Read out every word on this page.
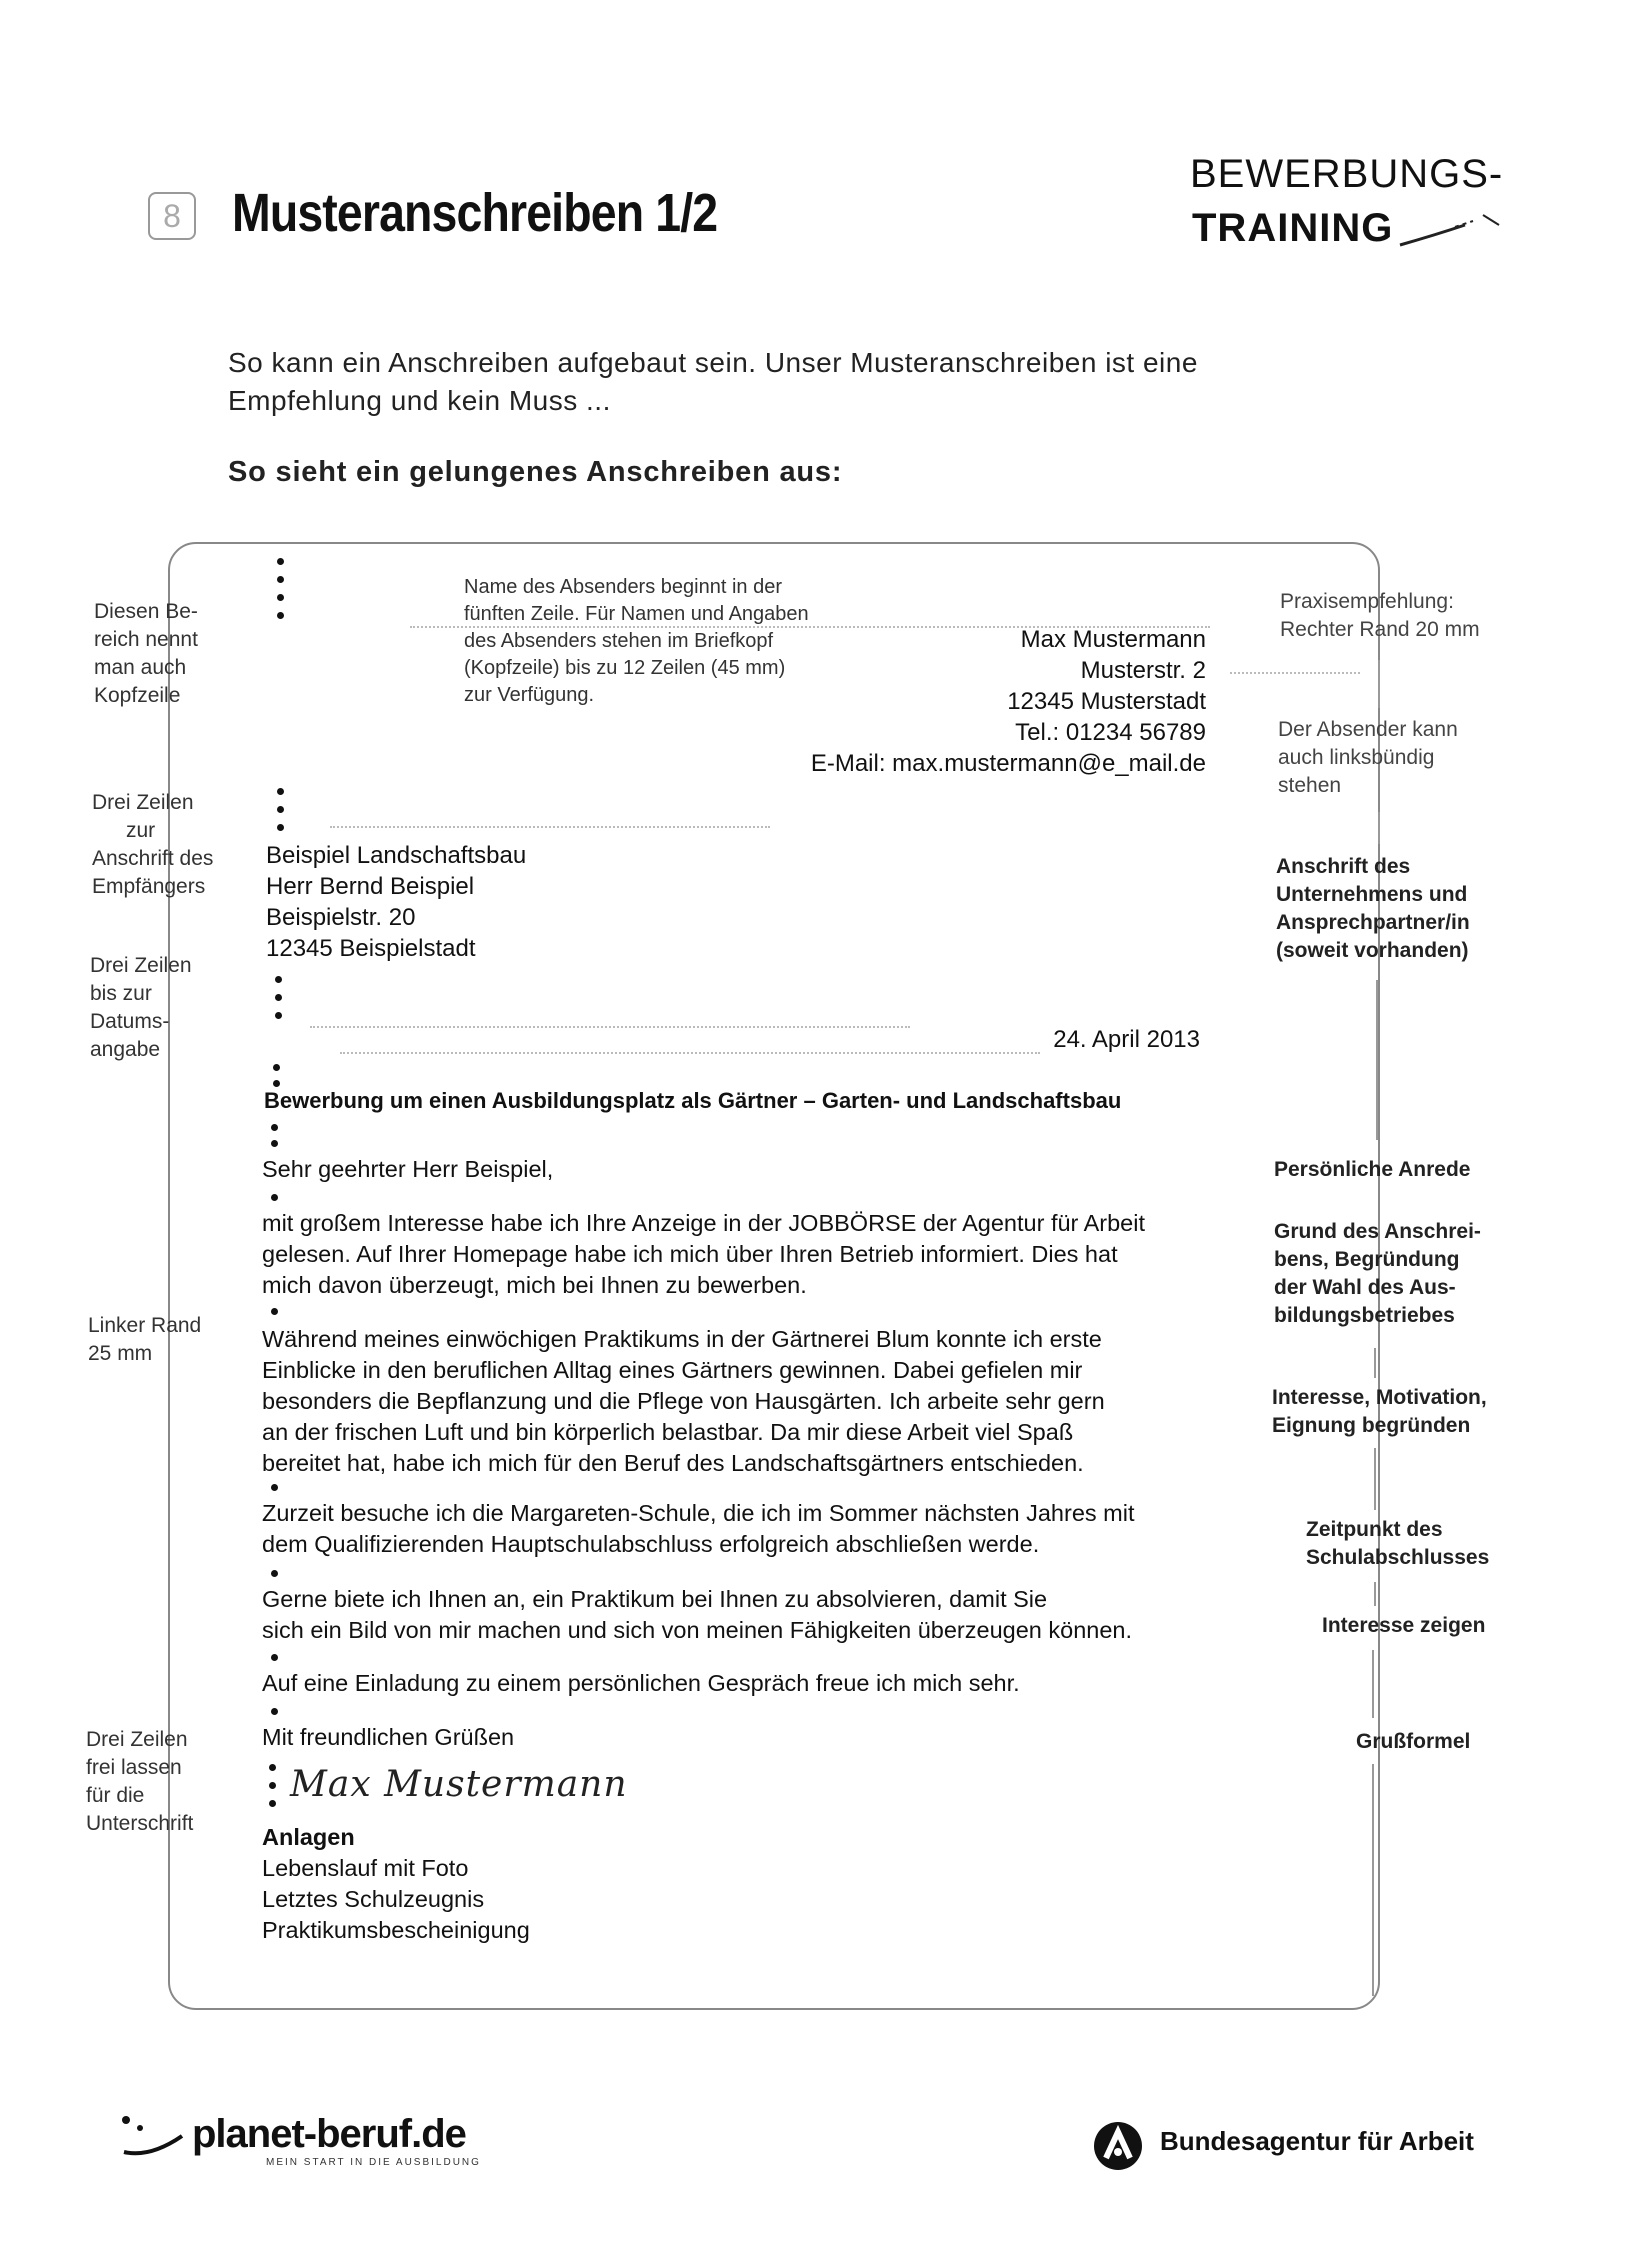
8 Musteranschreiben 1/2
BEWERBUNGS-
TRAINING
So kann ein Anschreiben aufgebaut sein. Unser Musteranschreiben ist eine
Empfehlung und kein Muss ...
So sieht ein gelungenes Anschreiben aus:
Diesen Be-
reich nennt
man auch
Kopfzeile
Drei Zeilen
zur
Anschrift des
Empfängers
Drei Zeilen
bis zur
Datums-
angabe
Linker Rand
25 mm
Drei Zeilen
frei lassen
für die
Unterschrift
Praxisempfehlung:
Rechter Rand 20 mm
Der Absender kann
auch linksbündig
stehen
Anschrift des
Unternehmens und
Ansprechpartner/in
(soweit vorhanden)
Persönliche Anrede
Grund des Anschrei-
bens, Begründung
der Wahl des Aus-
bildungsbetriebes
Interesse, Motivation,
Eignung begründen
Zeitpunkt des
Schulabschlusses
Interesse zeigen
Grußformel
Name des Absenders beginnt in der
fünften Zeile. Für Namen und Angaben
des Absenders stehen im Briefkopf
(Kopfzeile) bis zu 12 Zeilen (45 mm)
zur Verfügung.
Max Mustermann
Musterstr. 2
12345 Musterstadt
Tel.: 01234 56789
E-Mail: max.mustermann@e_mail.de
Beispiel Landschaftsbau
Herr Bernd Beispiel
Beispielstr. 20
12345 Beispielstadt
24. April 2013
Bewerbung um einen Ausbildungsplatz als Gärtner – Garten- und Landschaftsbau
Sehr geehrter Herr Beispiel,
mit großem Interesse habe ich Ihre Anzeige in der JOBBÖRSE der Agentur für Arbeit
gelesen. Auf Ihrer Homepage habe ich mich über Ihren Betrieb informiert. Dies hat
mich davon überzeugt, mich bei Ihnen zu bewerben.
Während meines einwöchigen Praktikums in der Gärtnerei Blum konnte ich erste
Einblicke in den beruflichen Alltag eines Gärtners gewinnen. Dabei gefielen mir
besonders die Bepflanzung und die Pflege von Hausgärten. Ich arbeite sehr gern
an der frischen Luft und bin körperlich belastbar. Da mir diese Arbeit viel Spaß
bereitet hat, habe ich mich für den Beruf des Landschaftsgärtners entschieden.
Zurzeit besuche ich die Margareten-Schule, die ich im Sommer nächsten Jahres mit
dem Qualifizierenden Hauptschulabschluss erfolgreich abschließen werde.
Gerne biete ich Ihnen an, ein Praktikum bei Ihnen zu absolvieren, damit Sie
sich ein Bild von mir machen und sich von meinen Fähigkeiten überzeugen können.
Auf eine Einladung zu einem persönlichen Gespräch freue ich mich sehr.
Mit freundlichen Grüßen
Max Mustermann
Anlagen
Lebenslauf mit Foto
Letztes Schulzeugnis
Praktikumsbescheinigung
planet-beruf.de
MEIN START IN DIE AUSBILDUNG
Bundesagentur für Arbeit
